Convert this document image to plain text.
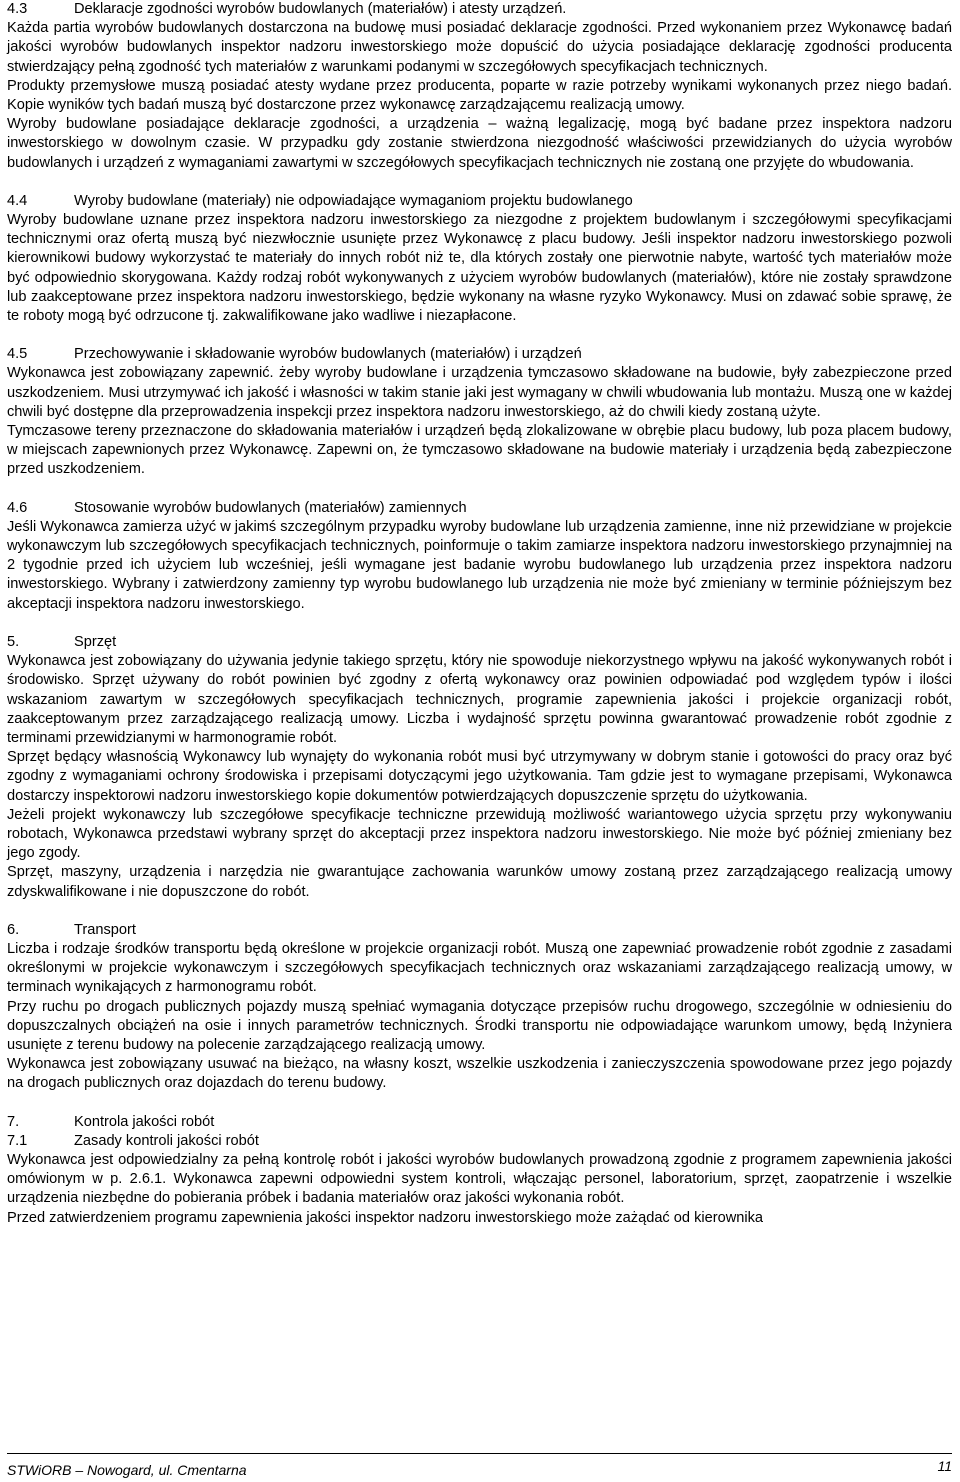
4.3	Deklaracje zgodności wyrobów budowlanych (materiałów) i atesty urządzeń.

Każda partia wyrobów budowlanych dostarczona na budowę musi posiadać deklaracje zgodności. Przed wykonaniem przez Wykonawcę badań jakości wyrobów budowlanych inspektor nadzoru inwestorskiego może dopuścić do użycia posiadające deklarację zgodności producenta stwierdzający pełną zgodność tych materiałów z warunkami podanymi w szczegółowych specyfikacjach technicznych.

Produkty przemysłowe muszą posiadać atesty wydane przez producenta, poparte w razie potrzeby wynikami wykonanych przez niego badań. Kopie wyników tych badań muszą być dostarczone przez wykonawcę zarządzającemu realizacją umowy.

Wyroby budowlane posiadające deklaracje zgodności, a urządzenia – ważną legalizację, mogą być badane przez inspektora nadzoru inwestorskiego w dowolnym czasie. W przypadku gdy zostanie stwierdzona niezgodność właściwości przewidzianych do użycia wyrobów budowlanych i urządzeń z wymaganiami zawartymi w szczegółowych specyfikacjach technicznych nie zostaną one przyjęte do wbudowania.

4.4	Wyroby budowlane (materiały) nie odpowiadające wymaganiom projektu budowlanego

Wyroby budowlane uznane przez inspektora nadzoru inwestorskiego za niezgodne z projektem budowlanym i szczegółowymi specyfikacjami technicznymi oraz ofertą muszą być niezwłocznie usunięte przez Wykonawcę z placu budowy. Jeśli inspektor nadzoru inwestorskiego pozwoli kierownikowi budowy wykorzystać te materiały do innych robót niż te, dla których zostały one pierwotnie nabyte, wartość tych materiałów może być odpowiednio skorygowana. Każdy rodzaj robót wykonywanych z użyciem wyrobów budowlanych (materiałów), które nie zostały sprawdzone lub zaakceptowane przez inspektora nadzoru inwestorskiego, będzie wykonany na własne ryzyko Wykonawcy. Musi on zdawać sobie sprawę, że te roboty mogą być odrzucone tj. zakwalifikowane jako wadliwe i niezapłacone.

4.5	Przechowywanie i składowanie wyrobów budowlanych (materiałów) i urządzeń

Wykonawca jest zobowiązany zapewnić. żeby wyroby budowlane i urządzenia tymczasowo składowane na budowie, były zabezpieczone przed uszkodzeniem. Musi utrzymywać ich jakość i własności w takim stanie jaki jest wymagany w chwili wbudowania lub montażu. Muszą one w każdej chwili być dostępne dla przeprowadzenia inspekcji przez inspektora nadzoru inwestorskiego, aż do chwili kiedy zostaną użyte.

Tymczasowe tereny przeznaczone do składowania materiałów i urządzeń będą zlokalizowane w obrębie placu budowy, lub poza placem budowy, w miejscach zapewnionych przez Wykonawcę. Zapewni on, że tymczasowo składowane na budowie materiały i urządzenia będą zabezpieczone przed uszkodzeniem.

4.6	Stosowanie wyrobów budowlanych (materiałów) zamiennych

Jeśli Wykonawca zamierza użyć w jakimś szczególnym przypadku wyroby budowlane lub urządzenia zamienne, inne niż przewidziane w projekcie wykonawczym lub szczegółowych specyfikacjach technicznych, poinformuje o takim zamiarze inspektora nadzoru inwestorskiego przynajmniej na 2 tygodnie przed ich użyciem lub wcześniej, jeśli wymagane jest badanie wyrobu budowlanego lub urządzenia przez inspektora nadzoru inwestorskiego. Wybrany i zatwierdzony zamienny typ wyrobu budowlanego lub urządzenia nie może być zmieniany w terminie późniejszym bez akceptacji inspektora nadzoru inwestorskiego.

5.	Sprzęt

Wykonawca jest zobowiązany do używania jedynie takiego sprzętu, który nie spowoduje niekorzystnego wpływu na jakość wykonywanych robót i środowisko. Sprzęt używany do robót powinien być zgodny z ofertą wykonawcy oraz powinien odpowiadać pod względem typów i ilości wskazaniom zawartym w szczegółowych specyfikacjach technicznych, programie zapewnienia jakości i projekcie organizacji robót, zaakceptowanym przez zarządzającego realizacją umowy. Liczba i wydajność sprzętu powinna gwarantować prowadzenie robót zgodnie z terminami przewidzianymi w harmonogramie robót.

Sprzęt będący własnością Wykonawcy lub wynajęty do wykonania robót musi być utrzymywany w dobrym stanie i gotowości do pracy oraz być zgodny z wymaganiami ochrony środowiska i przepisami dotyczącymi jego użytkowania. Tam gdzie jest to wymagane przepisami, Wykonawca dostarczy inspektorowi nadzoru inwestorskiego kopie dokumentów potwierdzających dopuszczenie sprzętu do użytkowania.

Jeżeli projekt wykonawczy lub szczegółowe specyfikacje techniczne przewidują możliwość wariantowego użycia sprzętu przy wykonywaniu robotach, Wykonawca przedstawi wybrany sprzęt do akceptacji przez inspektora nadzoru inwestorskiego. Nie może być później zmieniany bez jego zgody.

Sprzęt, maszyny, urządzenia i narzędzia nie gwarantujące zachowania warunków umowy zostaną przez zarządzającego realizacją umowy zdyskwalifikowane i nie dopuszczone do robót.

6.	Transport

Liczba i rodzaje środków transportu będą określone w projekcie organizacji robót. Muszą one zapewniać prowadzenie robót zgodnie z zasadami określonymi w projekcie wykonawczym i szczegółowych specyfikacjach technicznych oraz wskazaniami zarządzającego realizacją umowy, w terminach wynikających z harmonogramu robót.

Przy ruchu po drogach publicznych pojazdy muszą spełniać wymagania dotyczące przepisów ruchu drogowego, szczególnie w odniesieniu do dopuszczalnych obciążeń na osie i innych parametrów technicznych. Środki transportu nie odpowiadające warunkom umowy, będą Inżyniera usunięte z terenu budowy na polecenie zarządzającego realizacją umowy.

Wykonawca jest zobowiązany usuwać na bieżąco, na własny koszt, wszelkie uszkodzenia i zanieczyszczenia spowodowane przez jego pojazdy na drogach publicznych oraz dojazdach do terenu budowy.

7.	Kontrola jakości robót
7.1	Zasady kontroli jakości robót

Wykonawca jest odpowiedzialny za pełną kontrolę robót i jakości wyrobów budowlanych prowadzoną zgodnie z programem zapewnienia jakości omówionym w p. 2.6.1. Wykonawca zapewni odpowiedni system kontroli, włączając personel, laboratorium, sprzęt, zaopatrzenie i wszelkie urządzenia niezbędne do pobierania próbek i badania materiałów oraz jakości wykonania robót.

Przed zatwierdzeniem programu zapewnienia jakości inspektor nadzoru inwestorskiego może zażądać od kierownika

STWiORB – Nowogard, ul. Cmentarna	11
